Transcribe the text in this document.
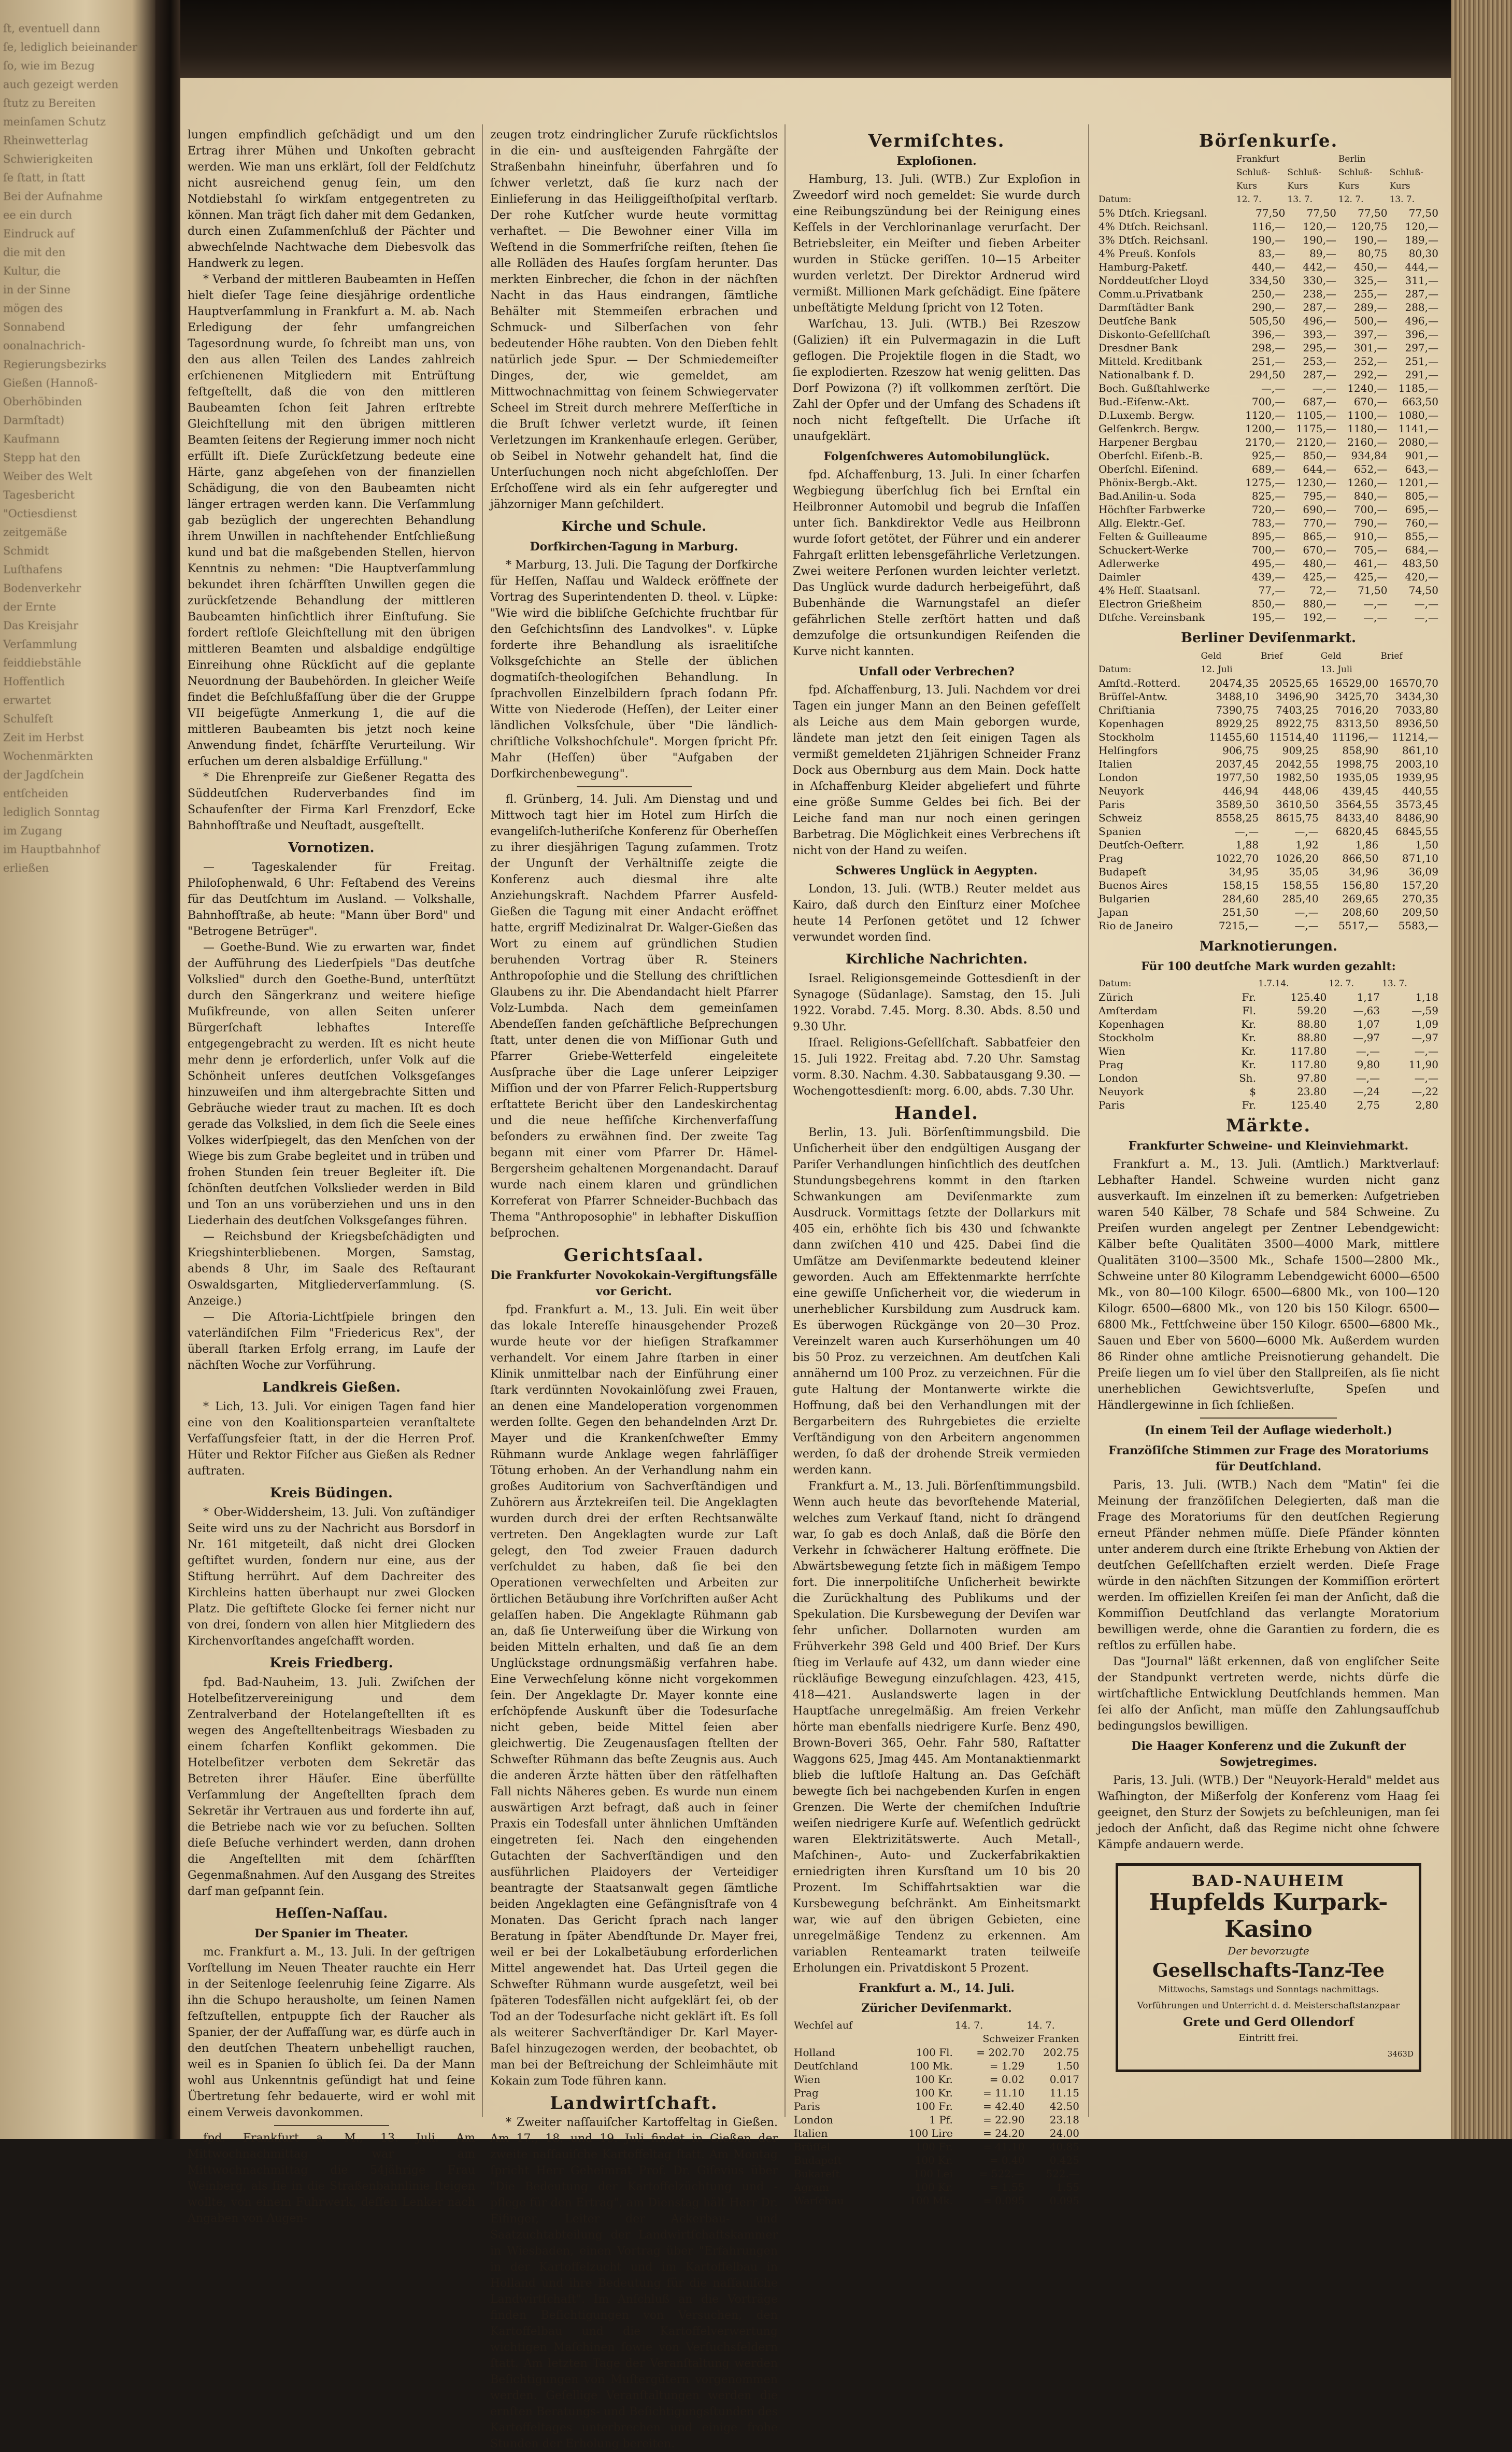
ſt, eventuell dann

ſe, lediglich beieinander

ſo, wie im Bezug

auch gezeigt werden

ſtutz zu Bereiten

meinſamen Schutz

Rheinwetterlag

Schwierigkeiten

ſe ſtatt, in ſtatt

Bei der Aufnahme

ee ein durch

Eindruck auf

die mit den

Kultur, die

in der Sinne

mögen des

Sonnabend

oonalnachrich-

Regierungsbezirks

Gießen (Hannoß-

Oberhöbinden

Darmſtadt)

Kaufmann

Stepp hat den

Weiber des Welt

Tagesbericht

"Octiesdienst

zeitgemäße

Schmidt

Luſthafens

Bodenverkehr

der Ernte

Das Kreisjahr

Verſammlung

feiddiebstähle

Hoffentlich

erwartet

Schulfeſt

Zeit im Herbst

Wochenmärkten

der Jagdſchein

entſcheiden

lediglich Sonntag

im Zugang

im Hauptbahnhof

erließen

lungen empfindlich geſchädigt und um den Ertrag ihrer Mühen und Unkoſten gebracht werden. Wie man uns erklärt, ſoll der Feldſchutz nicht ausreichend genug ſein, um den Notdiebstahl ſo wirkſam entgegentreten zu können. Man trägt ſich daher mit dem Gedanken, durch einen Zuſammenſchluß der Pächter und abwechſelnde Nachtwache dem Diebesvolk das Handwerk zu legen.

* Verband der mittleren Baubeamten in Heſſen hielt dieſer Tage ſeine diesjährige ordentliche Hauptverſammlung in Frankfurt a. M. ab. Nach Erledigung der ſehr umfangreichen Tagesordnung wurde, ſo ſchreibt man uns, von den aus allen Teilen des Landes zahlreich erſchienenen Mitgliedern mit Entrüſtung feſtgeſtellt, daß die von den mittleren Baubeamten ſchon ſeit Jahren erſtrebte Gleichſtellung mit den übrigen mittleren Beamten ſeitens der Regierung immer noch nicht erfüllt iſt. Dieſe Zurückſetzung bedeute eine Härte, ganz abgeſehen von der finanziellen Schädigung, die von den Baubeamten nicht länger ertragen werden kann. Die Verſammlung gab bezüglich der ungerechten Behandlung ihrem Unwillen in nachſtehender Entſchließung kund und bat die maßgebenden Stellen, hiervon Kenntnis zu nehmen: "Die Hauptverſammlung bekundet ihren ſchärfſten Unwillen gegen die zurückſetzende Behandlung der mittleren Baubeamten hinſichtlich ihrer Einſtufung. Sie fordert reſtloſe Gleichſtellung mit den übrigen mittleren Beamten und alsbaldige endgültige Einreihung ohne Rückſicht auf die geplante Neuordnung der Baubehörden. In gleicher Weiſe findet die Beſchlußfaſſung über die der Gruppe VII beigefügte Anmerkung 1, die auf die mittleren Baubeamten bis jetzt noch keine Anwendung findet, ſchärfſte Verurteilung. Wir erſuchen um deren alsbaldige Erfüllung."

* Die Ehrenpreiſe zur Gießener Regatta des Süddeutſchen Ruderverbandes ſind im Schaufenſter der Firma Karl Frenzdorf, Ecke Bahnhofſtraße und Neuſtadt, ausgeſtellt.

Vornotizen.

— Tageskalender für Freitag. Philoſophenwald, 6 Uhr: Feſtabend des Vereins für das Deutſchtum im Ausland. — Volkshalle, Bahnhofſtraße, ab heute: "Mann über Bord" und "Betrogene Betrüger".

— Goethe-Bund. Wie zu erwarten war, findet der Aufführung des Liederſpiels "Das deutſche Volkslied" durch den Goethe-Bund, unterſtützt durch den Sängerkranz und weitere hieſige Muſikfreunde, von allen Seiten unſerer Bürgerſchaft lebhaftes Intereſſe entgegengebracht zu werden. Iſt es nicht heute mehr denn je erforderlich, unſer Volk auf die Schönheit unſeres deutſchen Volksgeſanges hinzuweiſen und ihm altergebrachte Sitten und Gebräuche wieder traut zu machen. Iſt es doch gerade das Volkslied, in dem ſich die Seele eines Volkes widerſpiegelt, das den Menſchen von der Wiege bis zum Grabe begleitet und in trüben und frohen Stunden ſein treuer Begleiter iſt. Die ſchönſten deutſchen Volkslieder werden in Bild und Ton an uns vorüberziehen und uns in den Liederhain des deutſchen Volksgeſanges führen.

— Reichsbund der Kriegsbeſchädigten und Kriegshinterbliebenen. Morgen, Samstag, abends 8 Uhr, im Saale des Reſtaurant Oswaldsgarten, Mitgliederverſammlung. (S. Anzeige.)

— Die Aſtoria-Lichtſpiele bringen den vaterländiſchen Film "Friedericus Rex", der überall ſtarken Erfolg errang, im Laufe der nächſten Woche zur Vorführung.

Landkreis Gießen.

* Lich, 13. Juli. Vor einigen Tagen fand hier eine von den Koalitionsparteien veranſtaltete Verfaſſungsfeier ſtatt, in der die Herren Prof. Hüter und Rektor Fiſcher aus Gießen als Redner auftraten.

Kreis Büdingen.

* Ober-Widdersheim, 13. Juli. Von zuſtändiger Seite wird uns zu der Nachricht aus Borsdorf in Nr. 161 mitgeteilt, daß nicht drei Glocken geſtiftet wurden, ſondern nur eine, aus der Stiftung herrührt. Auf dem Dachreiter des Kirchleins hatten überhaupt nur zwei Glocken Platz. Die geſtiftete Glocke ſei ferner nicht nur von drei, ſondern von allen hier Mitgliedern des Kirchenvorſtandes angeſchafft worden.

Kreis Friedberg.

fpd. Bad-Nauheim, 13. Juli. Zwiſchen der Hotelbeſitzervereinigung und dem Zentralverband der Hotelangeſtellten iſt es wegen des Angeſtelltenbeitrags Wiesbaden zu einem ſcharfen Konflikt gekommen. Die Hotelbeſitzer verboten dem Sekretär das Betreten ihrer Häuſer. Eine überfüllte Verſammlung der Angeſtellten ſprach dem Sekretär ihr Vertrauen aus und forderte ihn auf, die Betriebe nach wie vor zu beſuchen. Sollten dieſe Beſuche verhindert werden, dann drohen die Angeſtellten mit dem ſchärfſten Gegenmaßnahmen. Auf den Ausgang des Streites darf man geſpannt ſein.

Heſſen-Naſſau.
Der Spanier im Theater.

mc. Frankfurt a. M., 13. Juli. In der geſtrigen Vorſtellung im Neuen Theater rauchte ein Herr in der Seitenloge ſeelenruhig ſeine Zigarre. Als ihn die Schupo herausholte, um ſeinen Namen feſtzuſtellen, entpuppte ſich der Raucher als Spanier, der der Auffaſſung war, es dürfe auch in den deutſchen Theatern unbehelligt rauchen, weil es in Spanien ſo üblich ſei. Da der Mann wohl aus Unkenntnis geſündigt hat und ſeine Übertretung ſehr bedauerte, wird er wohl mit einem Verweis davonkommen.

fpd. Frankfurt a. M., 13. Juli. Am Mittwochnachmittag war am Mittwochnachmittag die 54jährige Frau Weinberg, als ſie in die Straßenbahnlinie ſteigen wollte, von einem Fuhrwerk, deſſen Lenker nach Angaben von Augen-

zeugen trotz eindringlicher Zurufe rückſichtslos in die ein- und ausſteigenden Fahrgäſte der Straßenbahn hineinfuhr, überfahren und ſo ſchwer verletzt, daß ſie kurz nach der Einlieferung in das Heiliggeiſthoſpital verſtarb. Der rohe Kutſcher wurde heute vormittag verhaftet. — Die Bewohner einer Villa im Weſtend in die Sommerfriſche reiſten, ſtehen ſie alle Rolläden des Hauſes ſorgſam herunter. Das merkten Einbrecher, die ſchon in der nächſten Nacht in das Haus eindrangen, ſämtliche Behälter mit Stemmeiſen erbrachen und Schmuck- und Silberſachen von ſehr bedeutender Höhe raubten. Von den Dieben fehlt natürlich jede Spur. — Der Schmiedemeiſter Dinges, der, wie gemeldet, am Mittwochnachmittag von ſeinem Schwiegervater Scheel im Streit durch mehrere Meſſerſtiche in die Bruſt ſchwer verletzt wurde, iſt ſeinen Verletzungen im Krankenhauſe erlegen. Gerüber, ob Seibel in Notwehr gehandelt hat, ſind die Unterſuchungen noch nicht abgeſchloſſen. Der Erſchoſſene wird als ein ſehr aufgeregter und jähzorniger Mann geſchildert.

Kirche und Schule.
Dorfkirchen-Tagung in Marburg.

* Marburg, 13. Juli. Die Tagung der Dorfkirche für Heſſen, Naſſau und Waldeck eröffnete der Vortrag des Superintendenten D. theol. v. Lüpke: "Wie wird die bibliſche Geſchichte fruchtbar für den Geſchichtsſinn des Landvolkes". v. Lüpke forderte ihre Behandlung als israelitiſche Volksgeſchichte an Stelle der üblichen dogmatiſch-theologiſchen Behandlung. In ſprachvollen Einzelbildern ſprach ſodann Pfr. Witte von Niederode (Heſſen), der Leiter einer ländlichen Volksſchule, über "Die ländlich-chriſtliche Volkshochſchule". Morgen ſpricht Pfr. Mahr (Heſſen) über "Aufgaben der Dorfkirchenbewegung".

fl. Grünberg, 14. Juli. Am Dienstag und und Mittwoch tagt hier im Hotel zum Hirſch die evangeliſch-lutheriſche Konferenz für Oberheſſen zu ihrer diesjährigen Tagung zuſammen. Trotz der Ungunſt der Verhältniſſe zeigte die Konferenz auch diesmal ihre alte Anziehungskraft. Nachdem Pfarrer Ausfeld-Gießen die Tagung mit einer Andacht eröffnet hatte, ergriff Medizinalrat Dr. Walger-Gießen das Wort zu einem auf gründlichen Studien beruhenden Vortrag über R. Steiners Anthropoſophie und die Stellung des chriſtlichen Glaubens zu ihr. Die Abendandacht hielt Pfarrer Volz-Lumbda. Nach dem gemeinſamen Abendeſſen fanden geſchäftliche Beſprechungen ſtatt, unter denen die von Miſſionar Guth und Pfarrer Griebe-Wetterfeld eingeleitete Ausſprache über die Lage unſerer Leipziger Miſſion und der von Pfarrer Felich-Ruppertsburg erſtattete Bericht über den Landeskirchentag und die neue heſſiſche Kirchenverfaſſung beſonders zu erwähnen ſind. Der zweite Tag begann mit einer vom Pfarrer Dr. Hämel-Bergersheim gehaltenen Morgenandacht. Darauf wurde nach einem klaren und gründlichen Korreferat von Pfarrer Schneider-Buchbach das Thema "Anthroposophie" in lebhafter Diskuſſion beſprochen.

Gerichtsſaal.
Die Frankfurter Novokokain-Vergiftungsfälle vor Gericht.

fpd. Frankfurt a. M., 13. Juli. Ein weit über das lokale Intereſſe hinausgehender Prozeß wurde heute vor der hieſigen Strafkammer verhandelt. Vor einem Jahre ſtarben in einer Klinik unmittelbar nach der Einführung einer ſtark verdünnten Novokainlöſung zwei Frauen, an denen eine Mandeloperation vorgenommen werden ſollte. Gegen den behandelnden Arzt Dr. Mayer und die Krankenſchweſter Emmy Rühmann wurde Anklage wegen fahrläſſiger Tötung erhoben. An der Verhandlung nahm ein großes Auditorium von Sachverſtändigen und Zuhörern aus Ärztekreiſen teil. Die Angeklagten wurden durch drei der erſten Rechtsanwälte vertreten. Den Angeklagten wurde zur Laſt gelegt, den Tod zweier Frauen dadurch verſchuldet zu haben, daß ſie bei den Operationen verwechſelten und Arbeiten zur örtlichen Betäubung ihre Vorſchriften außer Acht gelaſſen haben. Die Angeklagte Rühmann gab an, daß ſie Unterweiſung über die Wirkung von beiden Mitteln erhalten, und daß ſie an dem Unglückstage ordnungsmäßig verfahren habe. Eine Verwechſelung könne nicht vorgekommen ſein. Der Angeklagte Dr. Mayer konnte eine erſchöpfende Auskunft über die Todesurſache nicht geben, beide Mittel ſeien aber gleichwertig. Die Zeugenausſagen ſtellten der Schweſter Rühmann das beſte Zeugnis aus. Auch die anderen Ärzte hätten über den rätſelhaften Fall nichts Näheres geben. Es wurde nun einem auswärtigen Arzt befragt, daß auch in ſeiner Praxis ein Todesfall unter ähnlichen Umſtänden eingetreten ſei. Nach den eingehenden Gutachten der Sachverſtändigen und den ausführlichen Plaidoyers der Verteidiger beantragte der Staatsanwalt gegen ſämtliche beiden Angeklagten eine Gefängnisſtrafe von 4 Monaten. Das Gericht ſprach nach langer Beratung in ſpäter Abendſtunde Dr. Mayer frei, weil er bei der Lokalbetäubung erforderlichen Mittel angewendet hat. Das Urteil gegen die Schweſter Rühmann wurde ausgeſetzt, weil bei ſpäteren Todesfällen nicht aufgeklärt ſei, ob der Tod an der Todesurſache nicht geklärt iſt. Es ſoll als weiterer Sachverſtändiger Dr. Karl Mayer-Baſel hinzugezogen werden, der beobachtet, ob man bei der Beſtreichung der Schleimhäute mit Kokain zum Tode führen kann.

Landwirtſchaft.

* Zweiter naſſauiſcher Kartoffeltag in Gießen. Am 17., 18. und 19. Juli findet in Gießen der zweite naſſauiſche Kartoffeltag ſtatt. Am Montag ſpricht Herr Geheimrat Prof. Dr. Giſevius über "Die Bedeutung der Kartoffelzüchtung und -pflege für den Ertrag", am Dienstag hält Herr Dr. Eifinger, Leiter der Ackerbau- und Saatzuchtabteilung der Landwirtſchaftskammer in Wiesbaden, einen Vortrag über "Erfahrungen in der Kartoffelzucht und im Kartoffelbau in Holland und ihre Bedeutung für die naſſauiſche Landwirtſchaft". Im Anſchluß an die Vorträge finden Beſichtigungen von Versuchen, den Kartoffelbau und die Kartoffelverwertung wichtigen Maſchinen ſowie von Verſuchsfeldern ſtatt. Am letzten Tage der Veranſtaltung werden Beſichtigungen von Muſtergütern vorgenommen werden. Geſellige Veranſtaltungen werden die ernſten Beratungs- und Beſichtigungsſtunden des Kartoffeltages unterbrechen und einige frohe Stunden der Erholung bereiten.

Vermiſchtes.
Exploſionen.

Hamburg, 13. Juli. (WTB.) Zur Exploſion in Zweedorf wird noch gemeldet: Sie wurde durch eine Reibungszündung bei der Reinigung eines Keſſels in der Verchlorinanlage verurſacht. Der Betriebsleiter, ein Meiſter und ſieben Arbeiter wurden in Stücke geriſſen. 10—15 Arbeiter wurden verletzt. Der Direktor Ardnerud wird vermißt. Millionen Mark geſchädigt. Eine ſpätere unbeſtätigte Meldung ſpricht von 12 Toten.

Warſchau, 13. Juli. (WTB.) Bei Rzeszow (Galizien) iſt ein Pulvermagazin in die Luft geflogen. Die Projektile flogen in die Stadt, wo ſie explodierten. Rzeszow hat wenig gelitten. Das Dorf Powizona (?) iſt vollkommen zerſtört. Die Zahl der Opfer und der Umfang des Schadens iſt noch nicht feſtgeſtellt. Die Urſache iſt unaufgeklärt.

Folgenſchweres Automobilunglück.

fpd. Aſchaffenburg, 13. Juli. In einer ſcharfen Wegbiegung überſchlug ſich bei Ernſtal ein Heilbronner Automobil und begrub die Inſaſſen unter ſich. Bankdirektor Vedle aus Heilbronn wurde ſofort getötet, der Führer und ein anderer Fahrgaſt erlitten lebensgefährliche Verletzungen. Zwei weitere Perſonen wurden leichter verletzt. Das Unglück wurde dadurch herbeigeführt, daß Bubenhände die Warnungstafel an dieſer gefährlichen Stelle zerſtört hatten und daß demzufolge die ortsunkundigen Reiſenden die Kurve nicht kannten.

Unfall oder Verbrechen?

fpd. Aſchaffenburg, 13. Juli. Nachdem vor drei Tagen ein junger Mann an den Beinen gefeſſelt als Leiche aus dem Main geborgen wurde, ländete man jetzt den ſeit einigen Tagen als vermißt gemeldeten 21jährigen Schneider Franz Dock aus Obernburg aus dem Main. Dock hatte in Aſchaffenburg Kleider abgeliefert und führte eine größe Summe Geldes bei ſich. Bei der Leiche fand man nur noch einen geringen Barbetrag. Die Möglichkeit eines Verbrechens iſt nicht von der Hand zu weiſen.

Schweres Unglück in Aegypten.

London, 13. Juli. (WTB.) Reuter meldet aus Kairo, daß durch den Einſturz einer Moſchee heute 14 Perſonen getötet und 12 ſchwer verwundet worden ſind.

Kirchliche Nachrichten.

Israel. Religionsgemeinde Gottesdienſt in der Synagoge (Südanlage). Samstag, den 15. Juli 1922. Vorabd. 7.45. Morg. 8.30. Abds. 8.50 und 9.30 Uhr.

Iſrael. Religions-Geſellſchaft. Sabbatfeier den 15. Juli 1922. Freitag abd. 7.20 Uhr. Samstag vorm. 8.30. Nachm. 4.30. Sabbatausgang 9.30. — Wochengottesdienſt: morg. 6.00, abds. 7.30 Uhr.

Handel.

Berlin, 13. Juli. Börſenſtimmungsbild. Die Unſicherheit über den endgültigen Ausgang der Pariſer Verhandlungen hinſichtlich des deutſchen Stundungsbegehrens kommt in den ſtarken Schwankungen am Deviſenmarkte zum Ausdruck. Vormittags ſetzte der Dollarkurs mit 405 ein, erhöhte ſich bis 430 und ſchwankte dann zwiſchen 410 und 425. Dabei ſind die Umſätze am Deviſenmarkte bedeutend kleiner geworden. Auch am Effektenmarkte herrſchte eine gewiſſe Unſicherheit vor, die wiederum in unerheblicher Kursbildung zum Ausdruck kam. Es überwogen Rückgänge von 20—30 Proz. Vereinzelt waren auch Kurserhöhungen um 40 bis 50 Proz. zu verzeichnen. Am deutſchen Kali annähernd um 100 Proz. zu verzeichnen. Für die gute Haltung der Montanwerte wirkte die Hoffnung, daß bei den Verhandlungen mit der Bergarbeitern des Ruhrgebietes die erzielte Verſtändigung von den Arbeitern angenommen werden, ſo daß der drohende Streik vermieden werden kann.

Frankfurt a. M., 13. Juli. Börſenſtimmungsbild. Wenn auch heute das bevorſtehende Material, welches zum Verkauf ſtand, nicht ſo drängend war, ſo gab es doch Anlaß, daß die Börſe den Verkehr in ſchwächerer Haltung eröffnete. Die Abwärtsbewegung ſetzte ſich in mäßigem Tempo fort. Die innerpolitiſche Unſicherheit bewirkte die Zurückhaltung des Publikums und der Spekulation. Die Kursbewegung der Deviſen war ſehr unſicher. Dollarnoten wurden am Frühverkehr 398 Geld und 400 Brief. Der Kurs ſtieg im Verlaufe auf 432, um dann wieder eine rückläufige Bewegung einzuſchlagen. 423, 415, 418—421. Auslandswerte lagen in der Hauptſache unregelmäßig. Am freien Verkehr hörte man ebenfalls niedrigere Kurſe. Benz 490, Brown-Boveri 365, Oehr. Fahr 580, Raſtatter Waggons 625, Jmag 445. Am Montanaktienmarkt blieb die luſtloſe Haltung an. Das Geſchäft bewegte ſich bei nachgebenden Kurſen in engen Grenzen. Die Werte der chemiſchen Induſtrie weiſen niedrigere Kurſe auf. Weſentlich gedrückt waren Elektrizitätswerte. Auch Metall-, Maſchinen-, Auto- und Zuckerfabrikaktien erniedrigten ihren Kursſtand um 10 bis 20 Prozent. Im Schiffahrtsaktien war die Kursbewegung beſchränkt. Am Einheitsmarkt war, wie auf den übrigen Gebieten, eine unregelmäßige Tendenz zu erkennen. Am variablen Renteamarkt traten teilweiſe Erholungen ein. Privatdiskont 5 Prozent.

Frankfurt a. M., 14. Juli.
Züricher Deviſenmarkt.
Wechſel auf		14. 7.	14. 7.
Schweizer Franken			
Holland	100 Fl.	= 202.70	202.75
Deutſchland	100 Mk.	= 1.29	1.50
Wien	100 Kr.	= 0.02	0.017
Prag	100 Kr.	= 11.10	11.15
Paris	100 Fr.	= 42.40	42.50
London	1 Pf.	= 22.90	23.18
Italien	100 Lire	= 24.20	24.00
Brüſſel	100 Fr.	= 41.10	40.85
Budapeſt	100 Kr.	= 0.40	0.425
Bukareſt	100 Lei	= 522.—	522.—
Agram	100 Kr.	= 1.55	1.55
Warſchau	100 Mk.	= 0.095	0.095
Börſenkurſe.
	Frankfurt		Berlin	
	Schluß-	Schluß-	Schluß-	Schluß-
	Kurs	Kurs	Kurs	Kurs
Datum:	12. 7.	13. 7.	12. 7.	13. 7.
5% Dtſch. Kriegsanl.	77,50	77,50	77,50	77,50
4% Dtſch. Reichsanl.	116,—	120,—	120,75	120,—
3% Dtſch. Reichsanl.	190,—	190,—	190,—	189,—
4% Preuß. Konſols	83,—	89,—	80,75	80,30
Hamburg-Paketf.	440,—	442,—	450,—	444,—
Norddeutſcher Lloyd	334,50	330,—	325,—	311,—
Comm.u.Privatbank	250,—	238,—	255,—	287,—
Darmſtädter Bank	290,—	287,—	289,—	288,—
Deutſche Bank	505,50	496,—	500,—	496,—
Diskonto-Geſellſchaft	396,—	393,—	397,—	396,—
Dresdner Bank	298,—	295,—	301,—	297,—
Mitteld. Kreditbank	251,—	253,—	252,—	251,—
Nationalbank f. D.	294,50	287,—	292,—	291,—
Boch. Gußſtahlwerke	—,—	—,—	1240,—	1185,—
Bud.-Eiſenw.-Akt.	700,—	687,—	670,—	663,50
D.Luxemb. Bergw.	1120,—	1105,—	1100,—	1080,—
Gelſenkrch. Bergw.	1200,—	1175,—	1180,—	1141,—
Harpener Bergbau	2170,—	2120,—	2160,—	2080,—
Oberſchl. Eiſenb.-B.	925,—	850,—	934,84	901,—
Oberſchl. Eiſenind.	689,—	644,—	652,—	643,—
Phönix-Bergb.-Akt.	1275,—	1230,—	1260,—	1201,—
Bad.Anilin-u. Soda	825,—	795,—	840,—	805,—
Höchſter Farbwerke	720,—	690,—	700,—	695,—
Allg. Elektr.-Geſ.	783,—	770,—	790,—	760,—
Felten & Guilleaume	895,—	865,—	910,—	855,—
Schuckert-Werke	700,—	670,—	705,—	684,—
Adlerwerke	495,—	480,—	461,—	483,50
Daimler	439,—	425,—	425,—	420,—
4% Heſſ. Staatsanl.	77,—	72,—	71,50	74,50
Electron Grießheim	850,—	880,—	—,—	—,—
Dtſche. Vereinsbank	195,—	192,—	—,—	—,—
Berliner Deviſenmarkt.
	Geld	Brief	Geld	Brief
Datum:	12. Juli		13. Juli	
Amſtd.-Rotterd.	20474,35	20525,65	16529,00	16570,70
Brüſſel-Antw.	3488,10	3496,90	3425,70	3434,30
Chriſtiania	7390,75	7403,25	7016,20	7033,80
Kopenhagen	8929,25	8922,75	8313,50	8936,50
Stockholm	11455,60	11514,40	11196,—	11214,—
Helſingfors	906,75	909,25	858,90	861,10
Italien	2037,45	2042,55	1998,75	2003,10
London	1977,50	1982,50	1935,05	1939,95
Neuyork	446,94	448,06	439,45	440,55
Paris	3589,50	3610,50	3564,55	3573,45
Schweiz	8558,25	8615,75	8433,40	8486,90
Spanien	—,—	—,—	6820,45	6845,55
Deutſch-Oeſterr.	1,88	1,92	1,86	1,50
Prag	1022,70	1026,20	866,50	871,10
Budapeſt	34,95	35,05	34,96	36,09
Buenos Aires	158,15	158,55	156,80	157,20
Bulgarien	284,60	285,40	269,65	270,35
Japan	251,50	—,—	208,60	209,50
Rio de Janeiro	7215,—	—,—	5517,—	5583,—
Marknotierungen.
Für 100 deutſche Mark wurden gezahlt:
Datum:		1.7.14.	12. 7.	13. 7.
Zürich	Fr.	125.40	1,17	1,18
Amſterdam	Fl.	59.20	—,63	—,59
Kopenhagen	Kr.	88.80	1,07	1,09
Stockholm	Kr.	88.80	—,97	—,97
Wien	Kr.	117.80	—,—	—,—
Prag	Kr.	117.80	9,80	11,90
London	Sh.	97.80	—,—	—,—
Neuyork	$	23.80	—,24	—,22
Paris	Fr.	125.40	2,75	2,80
Märkte.
Frankfurter Schweine- und Kleinviehmarkt.

Frankfurt a. M., 13. Juli. (Amtlich.) Marktverlauf: Lebhafter Handel. Schweine wurden nicht ganz ausverkauft. Im einzelnen iſt zu bemerken: Aufgetrieben waren 540 Kälber, 78 Schafe und 584 Schweine. Zu Preiſen wurden angelegt per Zentner Lebendgewicht: Kälber beſte Qualitäten 3500—4000 Mark, mittlere Qualitäten 3100—3500 Mk., Schafe 1500—2800 Mk., Schweine unter 80 Kilogramm Lebendgewicht 6000—6500 Mk., von 80—100 Kilogr. 6500—6800 Mk., von 100—120 Kilogr. 6500—6800 Mk., von 120 bis 150 Kilogr. 6500—6800 Mk., Fettſchweine über 150 Kilogr. 6500—6800 Mk., Sauen und Eber von 5600—6000 Mk. Außerdem wurden 86 Rinder ohne amtliche Preisnotierung gehandelt. Die Preiſe liegen um ſo viel über den Stallpreiſen, als ſie nicht unerheblichen Gewichtsverluſte, Speſen und Händlergewinne in ſich ſchließen.

(In einem Teil der Auflage wiederholt.)
Franzöſiſche Stimmen zur Frage des Moratoriums für Deutſchland.

Paris, 13. Juli. (WTB.) Nach dem "Matin" ſei die Meinung der franzöſiſchen Delegierten, daß man die Frage des Moratoriums für den deutſchen Regierung erneut Pfänder nehmen müſſe. Dieſe Pfänder könnten unter anderem durch eine ſtrikte Erhebung von Aktien der deutſchen Geſellſchaften erzielt werden. Dieſe Frage würde in den nächſten Sitzungen der Kommiſſion erörtert werden. Im offiziellen Kreiſen ſei man der Anſicht, daß die Kommiſſion Deutſchland das verlangte Moratorium bewilligen werde, ohne die Garantien zu fordern, die es reſtlos zu erfüllen habe.

Das "Journal" läßt erkennen, daß von engliſcher Seite der Standpunkt vertreten werde, nichts dürfe die wirtſchaftliche Entwicklung Deutſchlands hemmen. Man ſei alſo der Anſicht, man müſſe den Zahlungsaufſchub bedingungslos bewilligen.

Die Haager Konferenz und die Zukunft der Sowjetregimes.

Paris, 13. Juli. (WTB.) Der "Neuyork-Herald" meldet aus Waſhington, der Mißerfolg der Konferenz vom Haag ſei geeignet, den Sturz der Sowjets zu beſchleunigen, man ſei jedoch der Anſicht, daß das Regime nicht ohne ſchwere Kämpfe andauern werde.

BAD-NAUHEIM
Hupfelds Kurpark-Kasino
Der bevorzugte
Gesellschafts-Tanz-Tee
Mittwochs, Samstags und Sonntags nachmittags.
Vorführungen und Unterricht d. d. Meisterschaftstanzpaar
Grete und Gerd Ollendorf
Eintritt frei.
3463D
